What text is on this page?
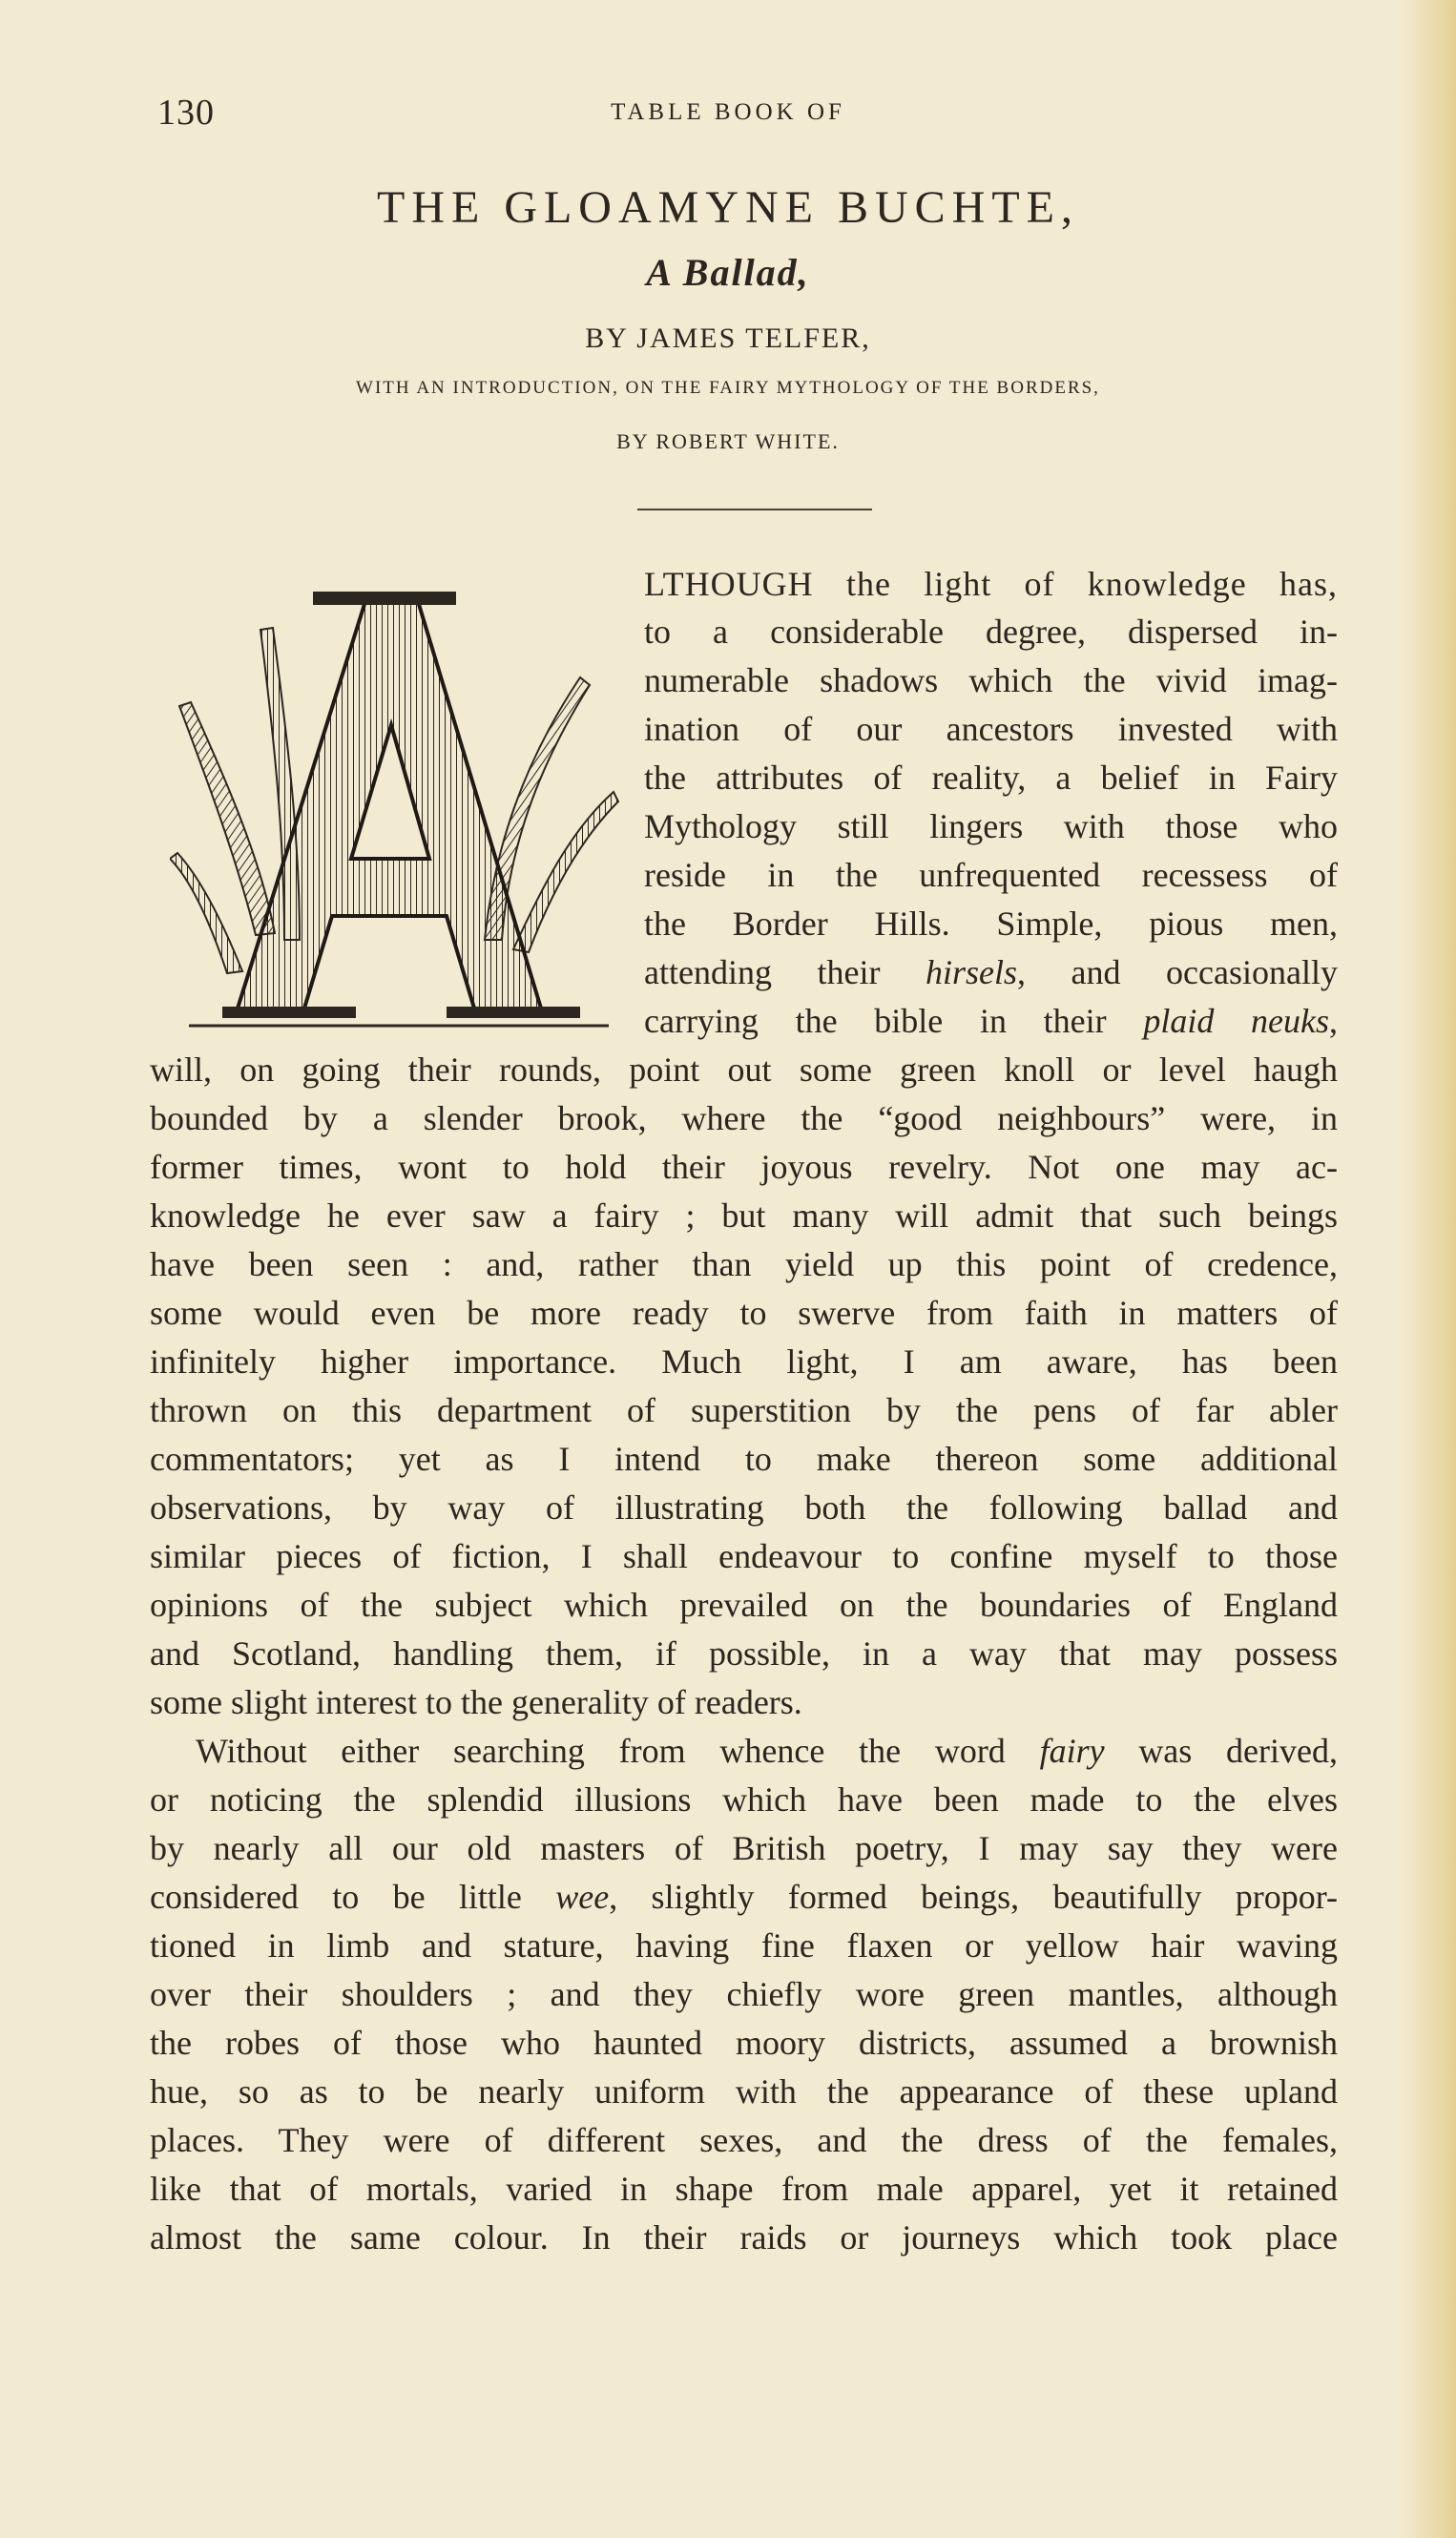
130	TABLE BOOK OF
THE GLOAMYNE BUCHTE,
A Ballad,
BY JAMES TELFER,
WITH AN INTRODUCTION, ON THE FAIRY MYTHOLOGY OF THE BORDERS,
BY ROBERT WHITE.
LTHOUGH the light of knowledge has,
to a considerable degree, dispersed in-
numerable shadows which the vivid imag-
ination of our ancestors invested with
the attributes of reality, a belief in Fairy
Mythology still lingers with those who
reside in the unfrequented recessess of
the Border Hills. Simple, pious men,
attending their hirsels, and occasionally
carrying the bible in their plaid neuks,
will, on going their rounds, point out some green knoll or level haugh
bounded by a slender brook, where the “good neighbours” were, in
former times, wont to hold their joyous revelry. Not one may ac-
knowledge he ever saw a fairy ; but many will admit that such beings
have been seen : and, rather than yield up this point of credence,
some would even be more ready to swerve from faith in matters of
infinitely higher importance. Much light, I am aware, has been
thrown on this department of superstition by the pens of far abler
commentators; yet as I intend to make thereon some additional
observations, by way of illustrating both the following ballad and
similar pieces of fiction, I shall endeavour to confine myself to those
opinions of the subject which prevailed on the boundaries of England
and Scotland, handling them, if possible, in a way that may possess
some slight interest to the generality of readers.
Without either searching from whence the word fairy was derived,
or noticing the splendid illusions which have been made to the elves
by nearly all our old masters of British poetry, I may say they were
considered to be little wee, slightly formed beings, beautifully propor-
tioned in limb and stature, having fine flaxen or yellow hair waving
over their shoulders ; and they chiefly wore green mantles, although
the robes of those who haunted moory districts, assumed a brownish
hue, so as to be nearly uniform with the appearance of these upland
places. They were of different sexes, and the dress of the females,
like that of mortals, varied in shape from male apparel, yet it retained
almost the same colour. In their raids or journeys which took place
